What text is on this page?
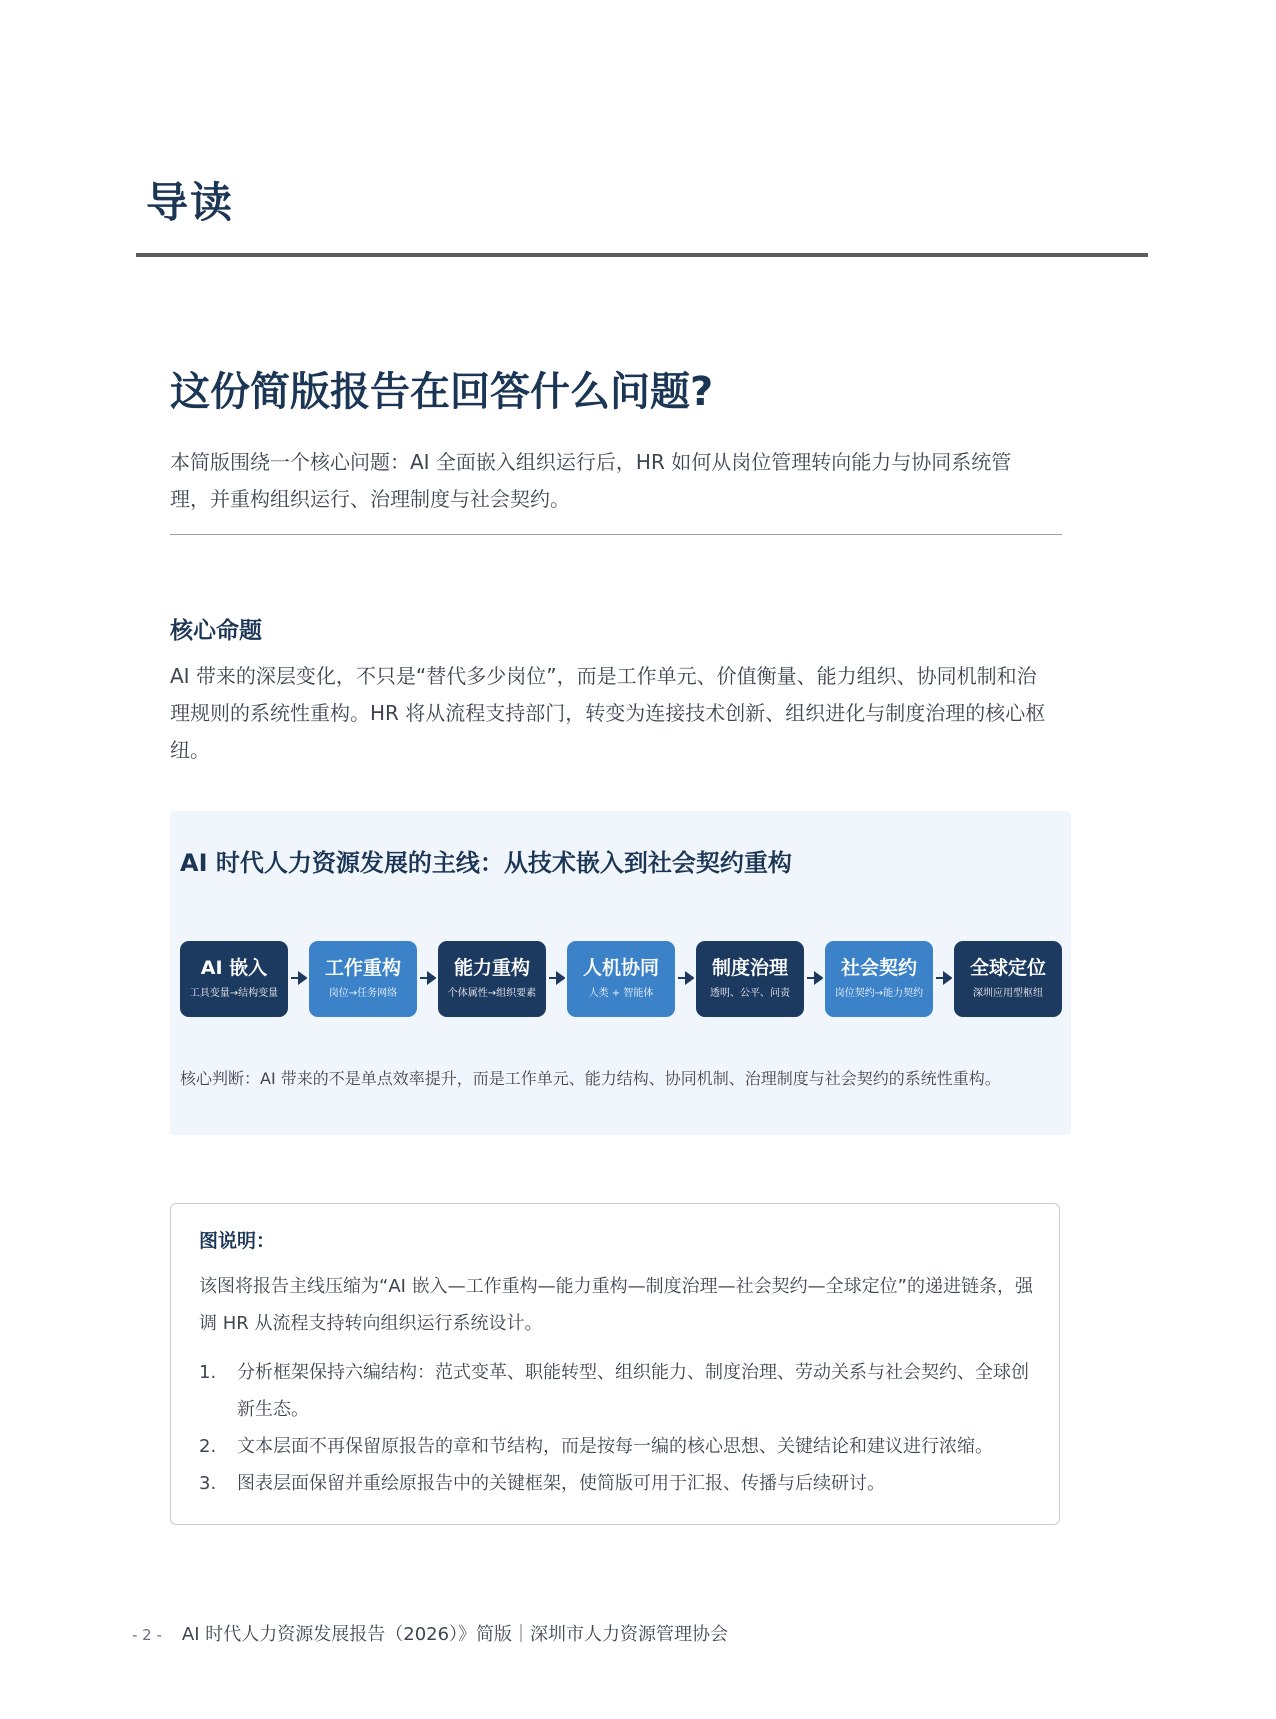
导读
这份简版报告在回答什么问题?

本简版围绕一个核心问题：AI 全面嵌入组织运行后，HR 如何从岗位管理转向能力与协同系统管理，并重构组织运行、治理制度与社会契约。

核心命题

AI 带来的深层变化，不只是“替代多少岗位”，而是工作单元、价值衡量、能力组织、协同机制和治理规则的系统性重构。HR 将从流程支持部门，转变为连接技术创新、组织进化与制度治理的核心枢纽。

AI 时代人力资源发展的主线：从技术嵌入到社会契约重构
AI 嵌入
工具变量→结构变量
工作重构
岗位→任务网络
能力重构
个体属性→组织要素
人机协同
人类 + 智能体
制度治理
透明、公平、问责
社会契约
岗位契约→能力契约
全球定位
深圳应用型枢纽

核心判断：AI 带来的不是单点效率提升，而是工作单元、能力结构、协同机制、治理制度与社会契约的系统性重构。

图说明：

该图将报告主线压缩为“AI 嵌入—工作重构—能力重构—制度治理—社会契约—全球定位”的递进链条，强调 HR 从流程支持转向组织运行系统设计。

1. 分析框架保持六编结构：范式变革、职能转型、组织能力、制度治理、劳动关系与社会契约、全球创新生态。
2. 文本层面不再保留原报告的章和节结构，而是按每一编的核心思想、关键结论和建议进行浓缩。
3. 图表层面保留并重绘原报告中的关键框架，使简版可用于汇报、传播与后续研讨。
- 2 - AI 时代人力资源发展报告（2026）》简版｜深圳市人力资源管理协会
